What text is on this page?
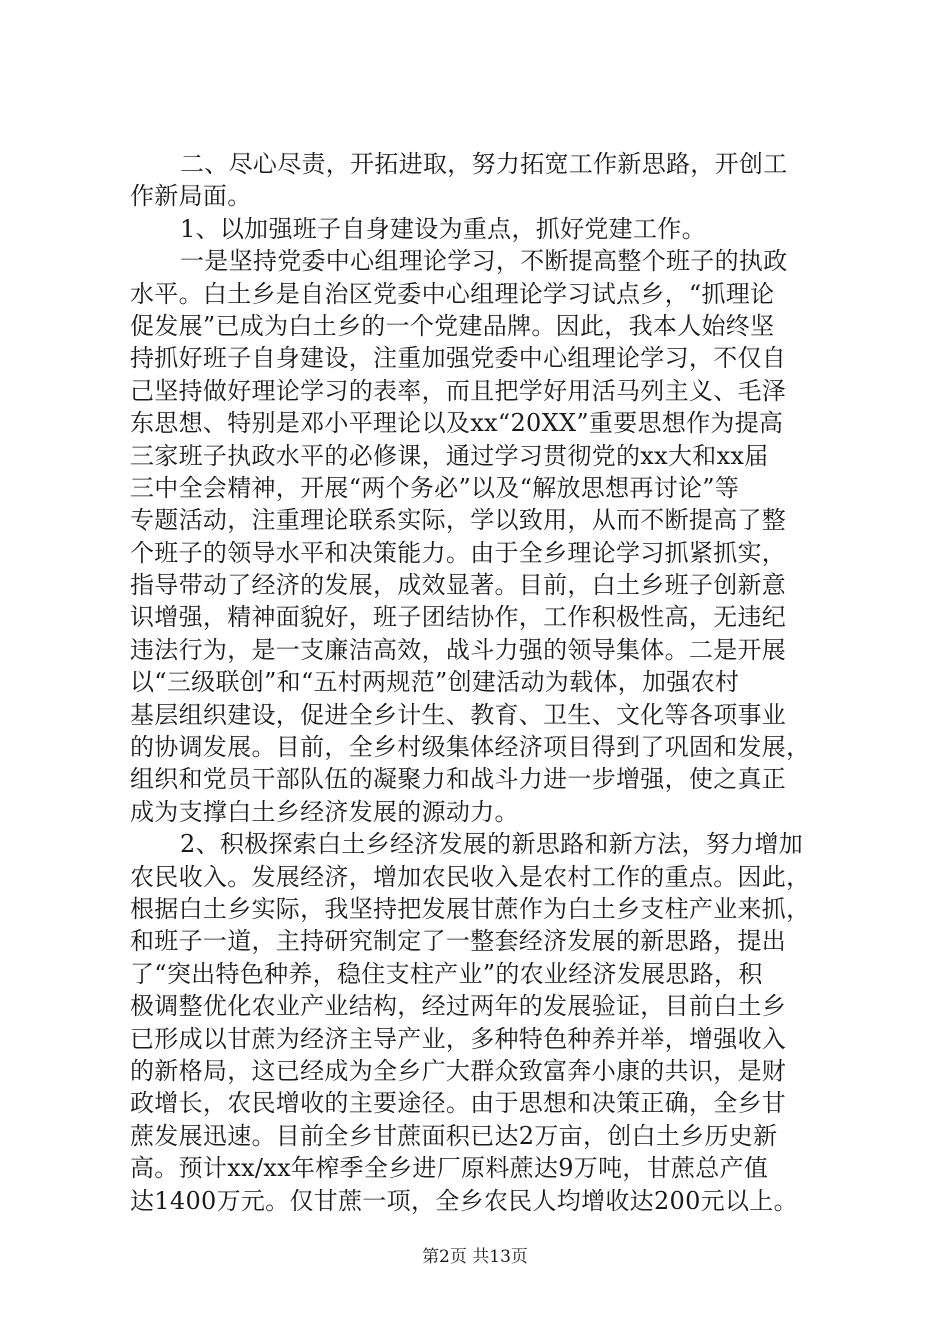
二、尽心尽责，开拓进取，努力拓宽工作新思路，开创工
作新局面。
1、以加强班子自身建设为重点，抓好党建工作。
一是坚持党委中心组理论学习，不断提高整个班子的执政
水平。白土乡是自治区党委中心组理论学习试点乡，“抓理论
促发展”已成为白土乡的一个党建品牌。因此，我本人始终坚
持抓好班子自身建设，注重加强党委中心组理论学习，不仅自
己坚持做好理论学习的表率，而且把学好用活马列主义、毛泽
东思想、特别是邓小平理论以及xx“20XX”重要思想作为提高
三家班子执政水平的必修课，通过学习贯彻党的xx大和xx届
三中全会精神，开展“两个务必”以及“解放思想再讨论”等
专题活动，注重理论联系实际，学以致用，从而不断提高了整
个班子的领导水平和决策能力。由于全乡理论学习抓紧抓实，
指导带动了经济的发展，成效显著。目前，白土乡班子创新意
识增强，精神面貌好，班子团结协作，工作积极性高，无违纪
违法行为，是一支廉洁高效，战斗力强的领导集体。二是开展
以“三级联创”和“五村两规范”创建活动为载体，加强农村
基层组织建设，促进全乡计生、教育、卫生、文化等各项事业
的协调发展。目前，全乡村级集体经济项目得到了巩固和发展，
组织和党员干部队伍的凝聚力和战斗力进一步增强，使之真正
成为支撑白土乡经济发展的源动力。
2、积极探索白土乡经济发展的新思路和新方法，努力增加
农民收入。发展经济，增加农民收入是农村工作的重点。因此，
根据白土乡实际，我坚持把发展甘蔗作为白土乡支柱产业来抓，
和班子一道，主持研究制定了一整套经济发展的新思路，提出
了“突出特色种养，稳住支柱产业”的农业经济发展思路，积
极调整优化农业产业结构，经过两年的发展验证，目前白土乡
已形成以甘蔗为经济主导产业，多种特色种养并举，增强收入
的新格局，这已经成为全乡广大群众致富奔小康的共识，是财
政增长，农民增收的主要途径。由于思想和决策正确，全乡甘
蔗发展迅速。目前全乡甘蔗面积已达2万亩，创白土乡历史新
高。预计xx/xx年榨季全乡进厂原料蔗达9万吨，甘蔗总产值
达1400万元。仅甘蔗一项，全乡农民人均增收达200元以上。
第2页 共13页
